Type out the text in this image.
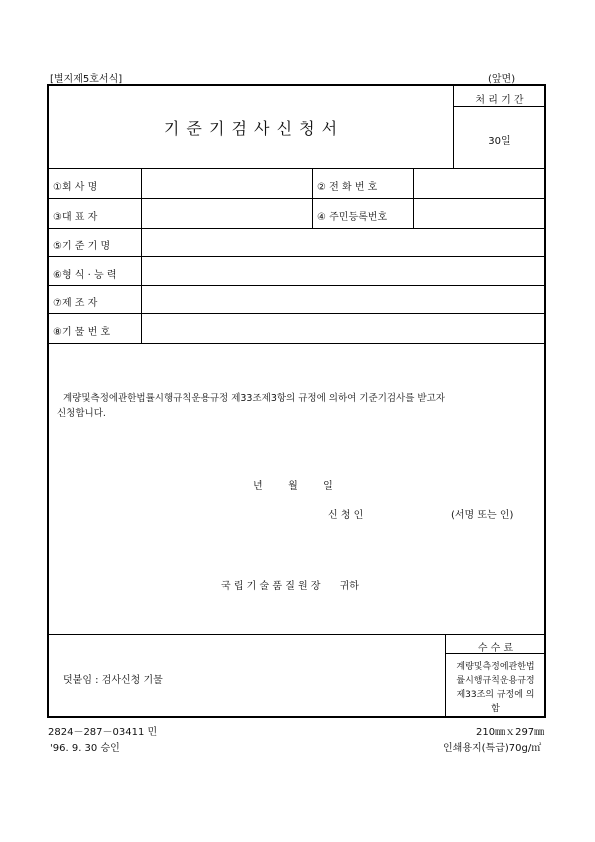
[별지제5호서식]	(앞면)
기 준 기 검 사 신 청 서
처 리 기 간
30일
①회 사 명	② 전 화 번 호
③대 표 자	④ 주민등록번호
⑤기 준 기 명
⑥형 식 · 능 력
⑦제 조 자
⑧기 물 번 호
계량및측정에관한법률시행규칙운용규정 제33조제3항의 규정에 의하여 기준기검사를 받고자
신청합니다.
년        월        일
신 청 인	(서명 또는 인)
국 립 기 술 품 질 원 장      귀하
수 수 료
계량및측정에관한법
률시행규칙운용규정
제33조의 규정에 의
함
덧붙임 : 검사신청 기물
2824－287－03411 민
'96. 9. 30 승인
210㎜ｘ297㎜
인쇄용지(특급)70g/㎡
